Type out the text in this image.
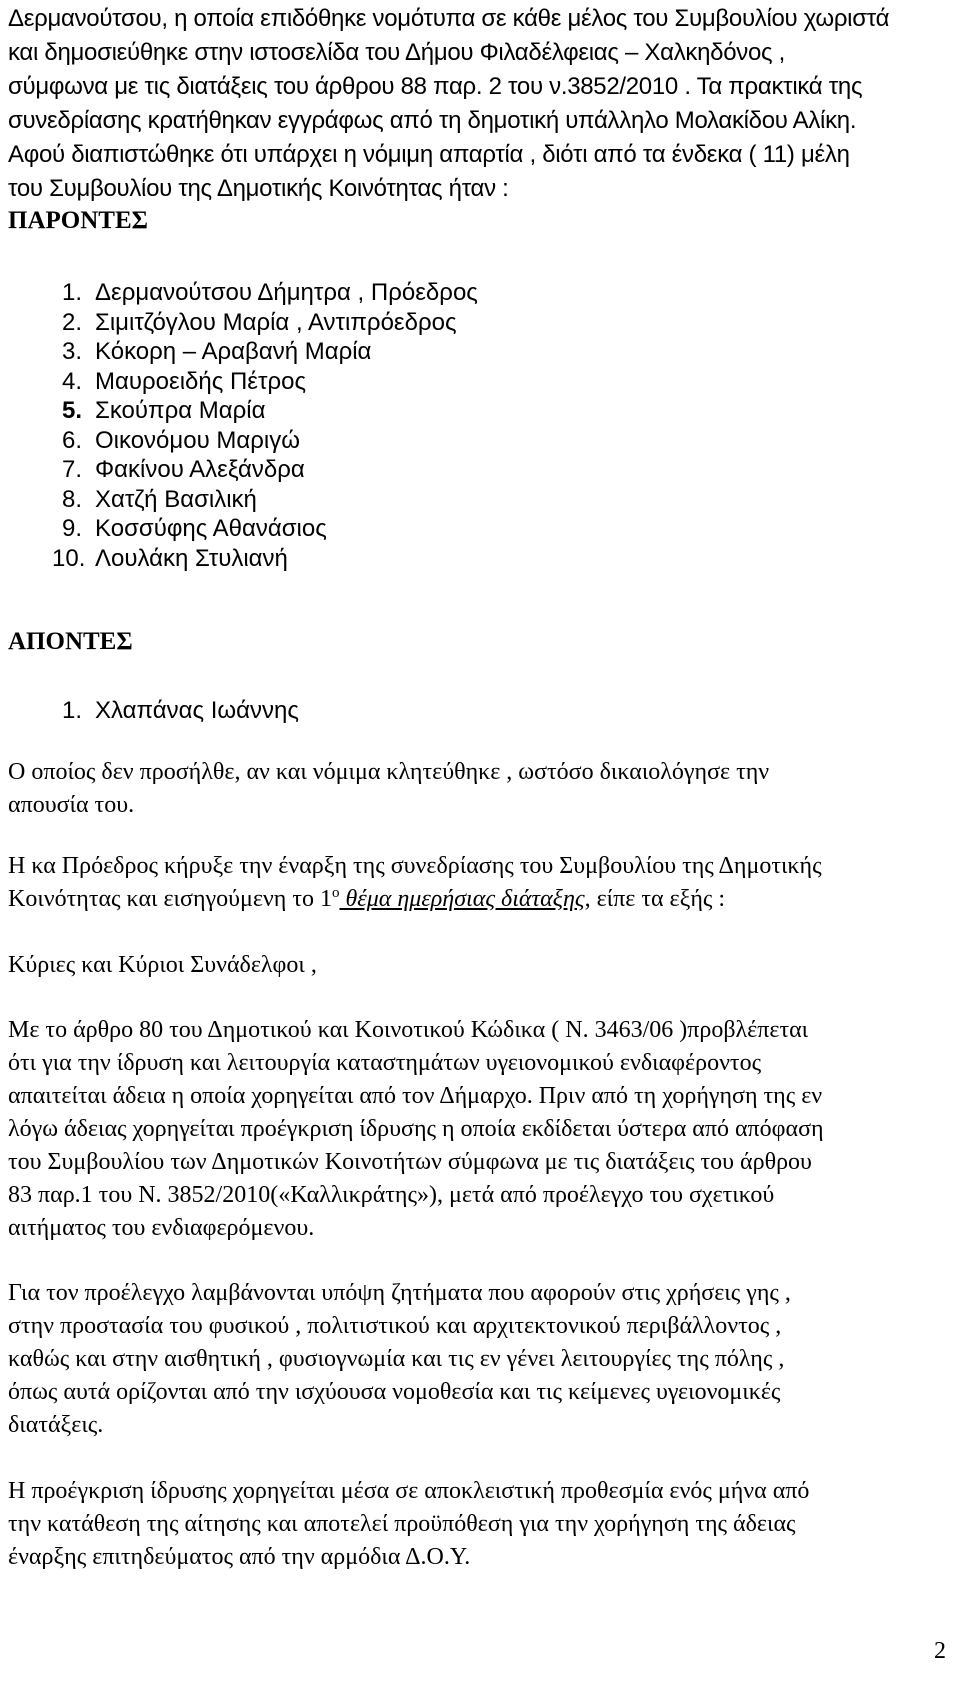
Δερμανούτσου, η οποία επιδόθηκε νομότυπα σε κάθε μέλος του Συμβουλίου χωριστά

και δημοσιεύθηκε στην ιστοσελίδα του Δήμου Φιλαδέλφειας – Χαλκηδόνος ,

σύμφωνα με τις διατάξεις του άρθρου 88 παρ. 2 του ν.3852/2010 . Τα πρακτικά της

συνεδρίασης κρατήθηκαν εγγράφως από τη δημοτική υπάλληλο Μολακίδου Αλίκη.

Αφού διαπιστώθηκε ότι υπάρχει η νόμιμη απαρτία , διότι από τα ένδεκα ( 11) μέλη

του Συμβουλίου της Δημοτικής Κοινότητας ήταν :

ΠΑΡΟΝΤΕΣ
1. Δερμανούτσου Δήμητρα , Πρόεδρος
2. Σιμιτζόγλου Μαρία , Αντιπρόεδρος
3. Κόκορη – Αραβανή Μαρία
4. Μαυροειδής Πέτρος
5. Σκούπρα Μαρία
6. Οικονόμου Μαριγώ
7. Φακίνου Αλεξάνδρα
8. Χατζή Βασιλική
9. Κοσσύφης Αθανάσιος
10. Λουλάκη Στυλιανή
ΑΠΟΝΤΕΣ
1. Χλαπάνας Ιωάννης

Ο οποίος δεν προσήλθε, αν και νόμιμα κλητεύθηκε , ωστόσο δικαιολόγησε την

απουσία του.

Η κα Πρόεδρος κήρυξε την έναρξη της συνεδρίασης του Συμβουλίου της Δημοτικής

Κοινότητας και εισηγούμενη το $1^o$ θέμα ημερήσιας διάταξης, είπε τα εξής :

Κύριες και Κύριοι Συνάδελφοι ,

Με το άρθρο 80 του Δημοτικού και Κοινοτικού Κώδικα ( Ν. 3463/06 )προβλέπεται

ότι για την ίδρυση και λειτουργία καταστημάτων υγειονομικού ενδιαφέροντος

απαιτείται άδεια η οποία χορηγείται από τον Δήμαρχο. Πριν από τη χορήγηση της εν

λόγω άδειας χορηγείται προέγκριση ίδρυσης η οποία εκδίδεται ύστερα από απόφαση

του Συμβουλίου των Δημοτικών Κοινοτήτων σύμφωνα με τις διατάξεις του άρθρου

83 παρ.1 του Ν. 3852/2010(«Καλλικράτης»), μετά από προέλεγχο του σχετικού

αιτήματος του ενδιαφερόμενου.

Για τον προέλεγχο λαμβάνονται υπόψη ζητήματα που αφορούν στις χρήσεις γης ,

στην προστασία του φυσικού , πολιτιστικού και αρχιτεκτονικού περιβάλλοντος ,

καθώς και στην αισθητική , φυσιογνωμία και τις εν γένει λειτουργίες της πόλης ,

όπως αυτά ορίζονται από την ισχύουσα νομοθεσία και τις κείμενες υγειονομικές

διατάξεις.

Η προέγκριση ίδρυσης χορηγείται μέσα σε αποκλειστική προθεσμία ενός μήνα από

την κατάθεση της αίτησης και αποτελεί προϋπόθεση για την χορήγηση της άδειας

έναρξης επιτηδεύματος από την αρμόδια Δ.Ο.Υ.

2
